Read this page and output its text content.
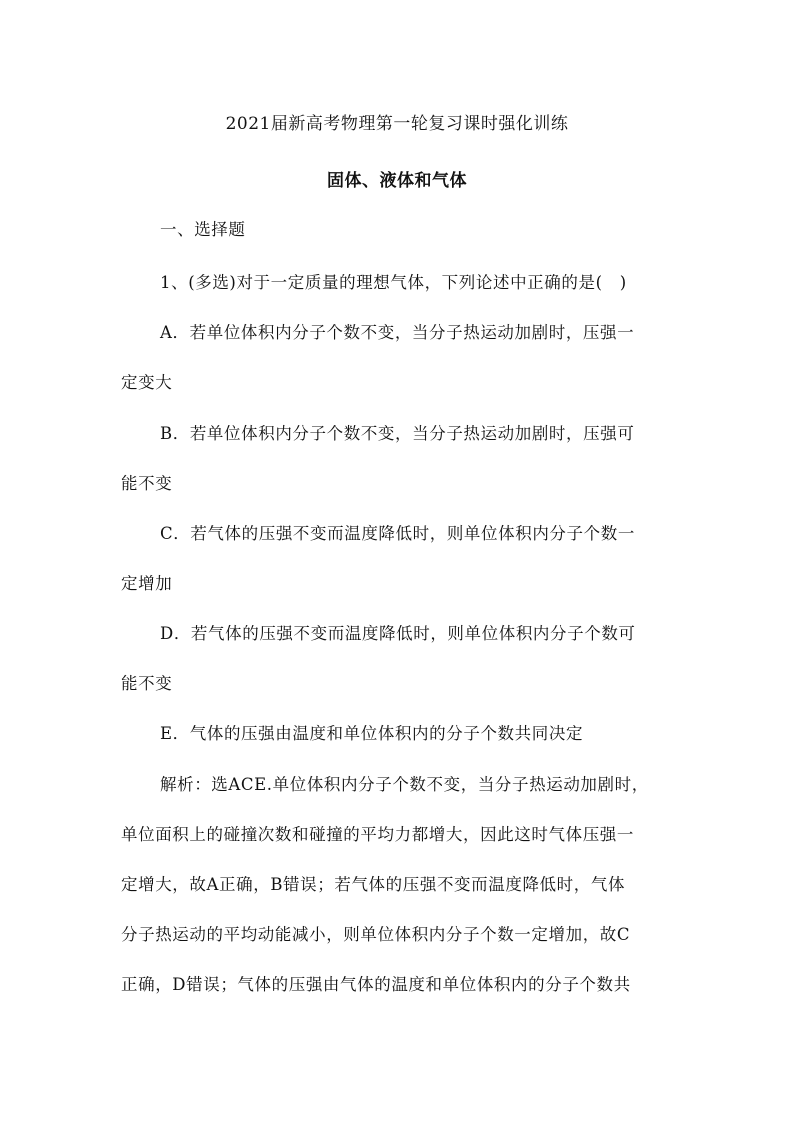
2021届新高考物理第一轮复习课时强化训练
固体、液体和气体
一、选择题
1、(多选)对于一定质量的理想气体，下列论述中正确的是(　)
A．若单位体积内分子个数不变，当分子热运动加剧时，压强一
定变大
B．若单位体积内分子个数不变，当分子热运动加剧时，压强可
能不变
C．若气体的压强不变而温度降低时，则单位体积内分子个数一
定增加
D．若气体的压强不变而温度降低时，则单位体积内分子个数可
能不变
E．气体的压强由温度和单位体积内的分子个数共同决定
解析：选ACE.单位体积内分子个数不变，当分子热运动加剧时，
单位面积上的碰撞次数和碰撞的平均力都增大，因此这时气体压强一
定增大，故A正确，B错误；若气体的压强不变而温度降低时，气体
分子热运动的平均动能减小，则单位体积内分子个数一定增加，故C
正确，D错误；气体的压强由气体的温度和单位体积内的分子个数共
